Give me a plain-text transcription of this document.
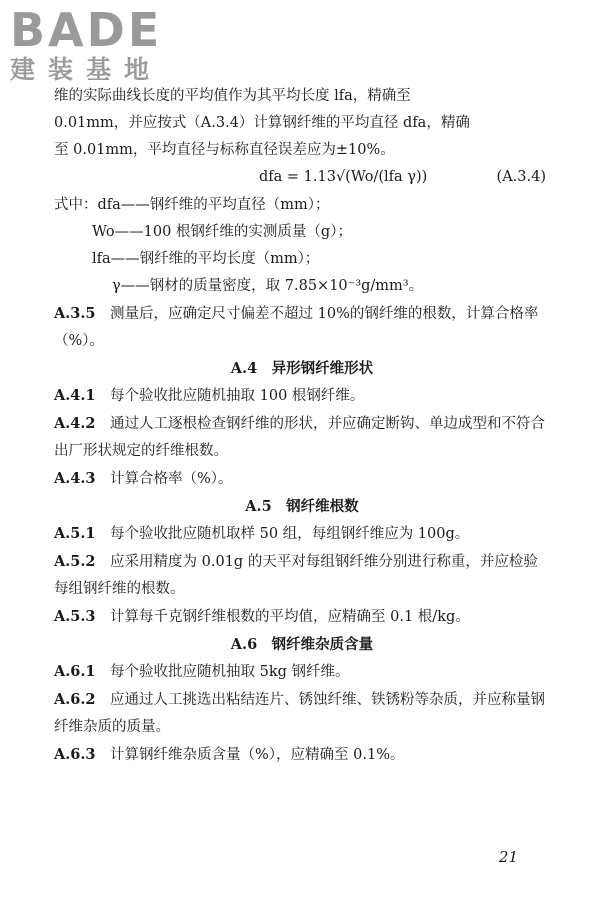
BADE
建装基地

维的实际曲线长度的平均值作为其平均长度 lfa，精确至

0.01mm，并应按式（A.3.4）计算钢纤维的平均直径 dfa，精确

至 0.01mm，平均直径与标称直径误差应为±10%。

dfa = 1.13√(Wo/(lfa γ))	(A.3.4)

式中：dfa——钢纤维的平均直径（mm）；

Wo——100 根钢纤维的实测质量（g）；

lfa——钢纤维的平均长度（mm）；

γ——钢材的质量密度，取 7.85×10⁻³g/mm³。

A.3.5　 测量后，应确定尺寸偏差不超过 10%的钢纤维的根数，计算合格率（%）。

A.4　异形钢纤维形状

A.4.1　 每个验收批应随机抽取 100 根钢纤维。

A.4.2　 通过人工逐根检查钢纤维的形状，并应确定断钩、单边成型和不符合出厂形状规定的纤维根数。

A.4.3　 计算合格率（%）。

A.5　钢纤维根数

A.5.1　 每个验收批应随机取样 50 组，每组钢纤维应为 100g。

A.5.2　 应采用精度为 0.01g 的天平对每组钢纤维分别进行称重，并应检验每组钢纤维的根数。

A.5.3　 计算每千克钢纤维根数的平均值，应精确至 0.1 根/kg。

A.6　钢纤维杂质含量

A.6.1　 每个验收批应随机抽取 5kg 钢纤维。

A.6.2　 应通过人工挑选出粘结连片、锈蚀纤维、铁锈粉等杂质，并应称量钢纤维杂质的质量。

A.6.3　 计算钢纤维杂质含量（%），应精确至 0.1%。

21
